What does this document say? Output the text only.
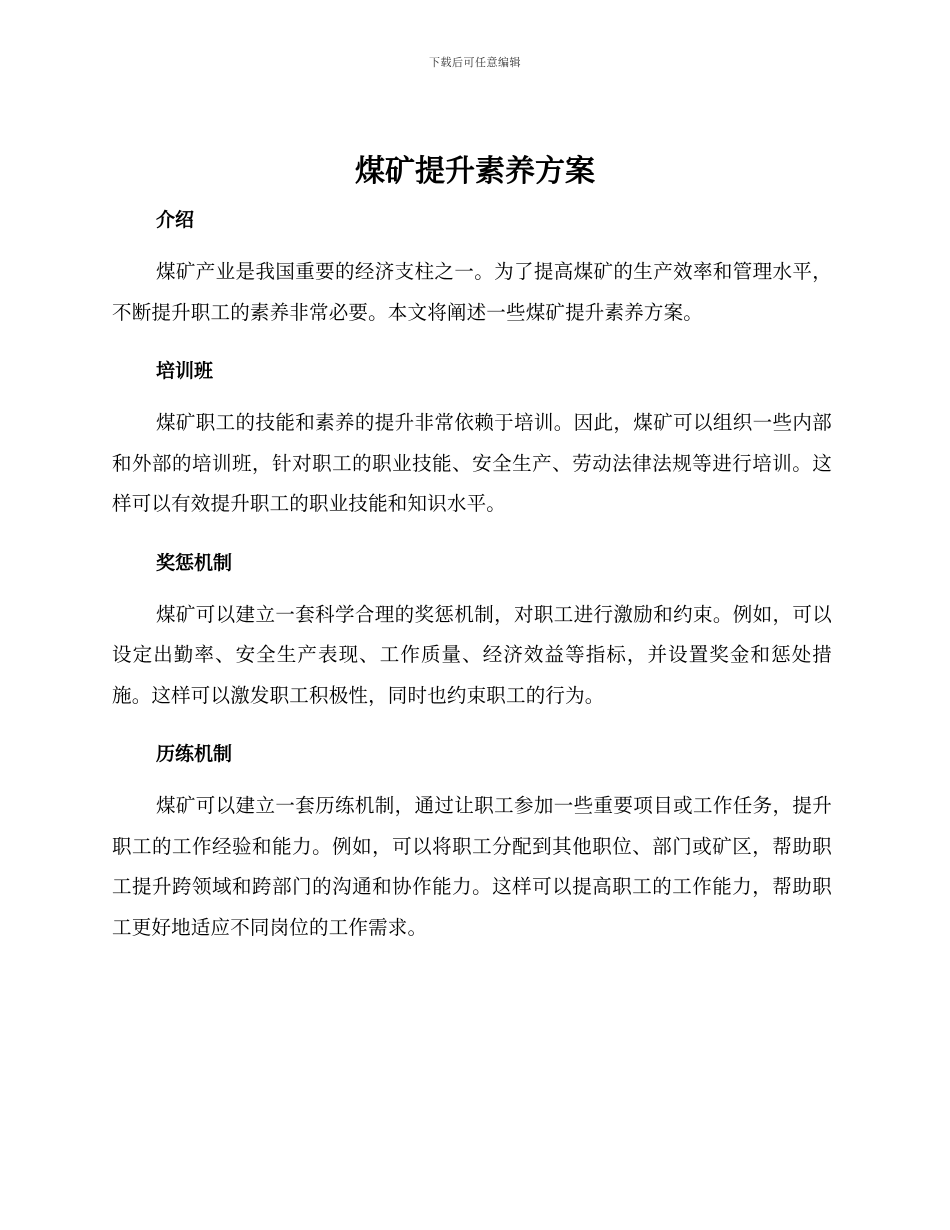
下载后可任意编辑
煤矿提升素养方案
介绍

煤矿产业是我国重要的经济支柱之一。为了提高煤矿的生产效率和管理水平，不断提升职工的素养非常必要。本文将阐述一些煤矿提升素养方案。

培训班

煤矿职工的技能和素养的提升非常依赖于培训。因此，煤矿可以组织一些内部和外部的培训班，针对职工的职业技能、安全生产、劳动法律法规等进行培训。这样可以有效提升职工的职业技能和知识水平。

奖惩机制

煤矿可以建立一套科学合理的奖惩机制，对职工进行激励和约束。例如，可以设定出勤率、安全生产表现、工作质量、经济效益等指标，并设置奖金和惩处措施。这样可以激发职工积极性，同时也约束职工的行为。

历练机制

煤矿可以建立一套历练机制，通过让职工参加一些重要项目或工作任务，提升职工的工作经验和能力。例如，可以将职工分配到其他职位、部门或矿区，帮助职工提升跨领域和跨部门的沟通和协作能力。这样可以提高职工的工作能力，帮助职工更好地适应不同岗位的工作需求。
